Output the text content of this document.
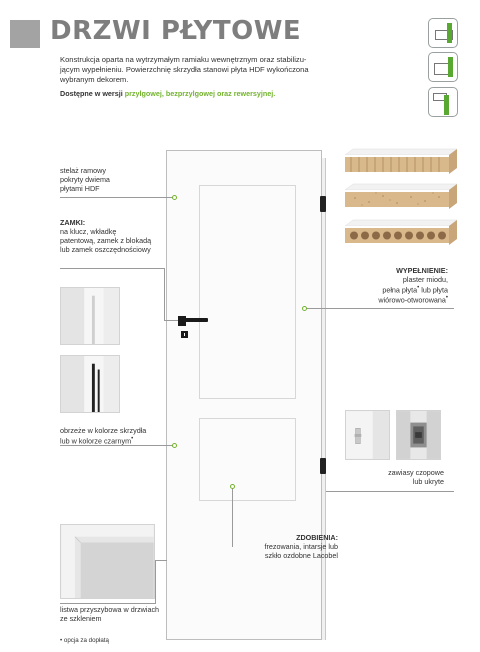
DRZWI PŁYTOWE
Konstrukcja oparta na wytrzymałym ramiaku wewnętrznym oraz stabilizu-
jącym wypełnieniu. Powierzchnię skrzydła stanowi płyta HDF wykończona
wybranym dekorem.
Dostępne w wersji przylgowej, bezprzylgowej oraz rewersyjnej.
stelaż ramowy
pokryty dwiema
płytami HDF
ZAMKI:
na klucz, wkładkę
patentową, zamek z blokadą
lub zamek oszczędnościowy
WYPEŁNIENIE:
plaster miodu,
pełna płyta• lub płyta
wiórowo-otworowana•
obrzeże w kolorze skrzydła
lub w kolorze czarnym•
zawiasy czopowe
lub ukryte
ZDOBIENIA:
frezowania, intarsje lub
szkło ozdobne Lacobel
listwa przyszybowa w drzwiach
ze szkleniem
• opcja za dopłatą
